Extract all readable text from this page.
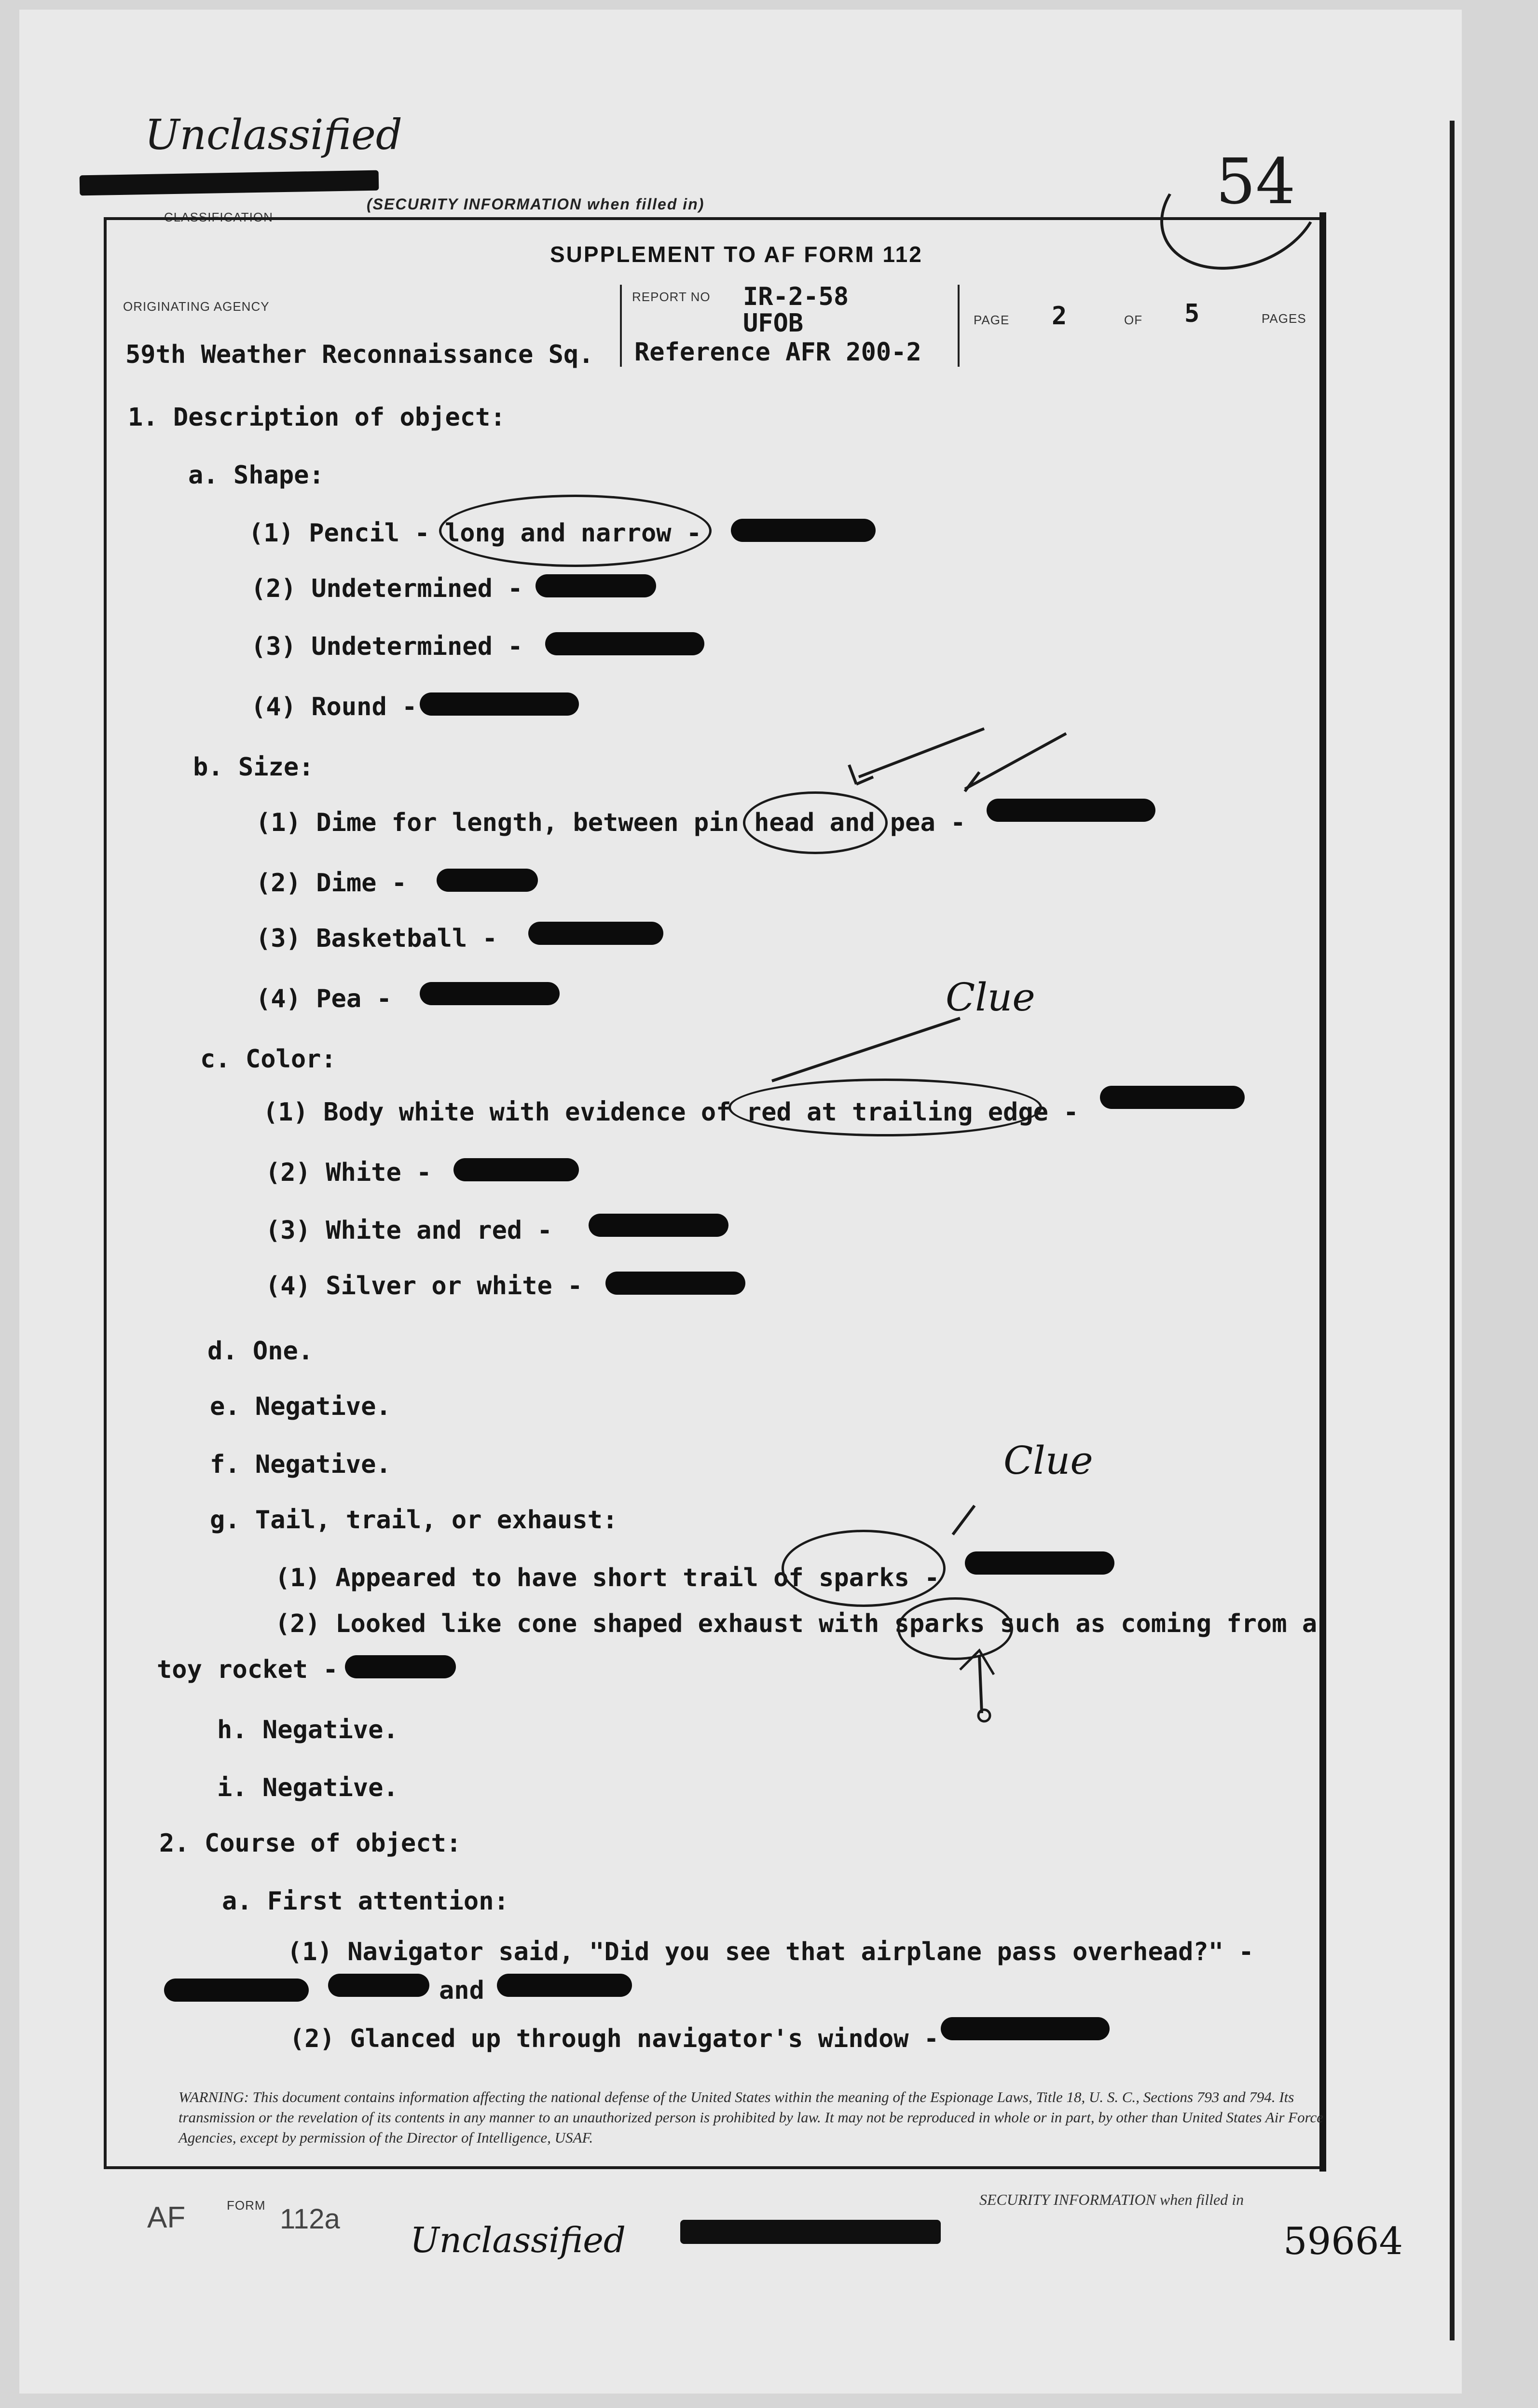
Unclassified
CLASSIFICATION
(SECURITY INFORMATION when filled in)	54
SUPPLEMENT TO AF FORM 112
ORIGINATING AGENCY
59th Weather Reconnaissance Sq.
REPORT NO IR-2-58
UFOB
Reference AFR 200-2
PAGE 2	OF 5	PAGES
1. Description of object:
a. Shape:
(1) Pencil - long and narrow -
(2) Undetermined -
(3) Undetermined -
(4) Round -
b. Size:
(1) Dime for length, between pin head and pea -
(2) Dime -
(3) Basketball -
(4) Pea -
c. Color:
(1) Body white with evidence of red at trailing edge -
(2) White -
(3) White and red -
(4) Silver or white -
d. One.
e. Negative.
f. Negative.
g. Tail, trail, or exhaust:
(1) Appeared to have short trail of sparks -
(2) Looked like cone shaped exhaust with sparks such as coming from a
toy rocket -
h. Negative.
i. Negative.
2. Course of object:
a. First attention:
(1) Navigator said, "Did you see that airplane pass overhead?" -
and
(2) Glanced up through navigator's window -
Clue
Clue
WARNING: This document contains information affecting the national defense of the United States within the meaning of the Espionage Laws, Title 18, U. S. C., Sections 793 and 794. Its transmission or the revelation of its contents in any manner to an unauthorized person is prohibited by law. It may not be reproduced in whole or in part, by other than United States Air Force Agencies, except by permission of the Director of Intelligence, USAF.
AF	FORM 112a
Unclassified
SECURITY INFORMATION when filled in
59664
